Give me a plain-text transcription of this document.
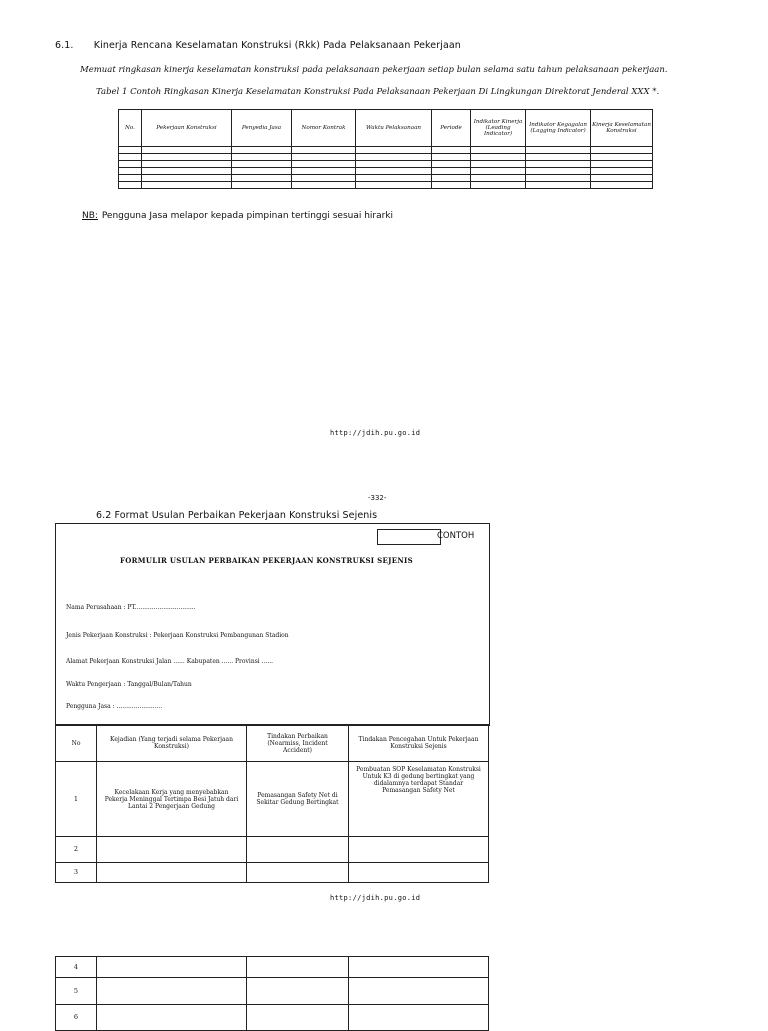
6.1. Kinerja Rencana Keselamatan Konstruksi (Rkk) Pada Pelaksanaan Pekerjaan
Memuat ringkasan kinerja keselamatan konstruksi pada pelaksanaan pekerjaan setiap bulan selama satu tahun pelaksanaan pekerjaan.
Tabel 1 Contoh Ringkasan Kinerja Keselamatan Konstruksi Pada Pelaksanaan Pekerjaan Di Lingkungan Direktorat Jenderal XXX *.
No.	Pekerjaan Konstruksi	Penyedia Jasa	Nomor Kontrak	Waktu Pelaksanaan	Periode	Indikator Kinerja (Leading Indicator)	Indikator Kegagalan (Lagging Indicator)	Kinerja Keselamatan Konstruksi

NB: Pengguna Jasa melapor kepada pimpinan tertinggi sesuai hirarki
http://jdih.pu.go.id
-332-
6.2 Format Usulan Perbaikan Pekerjaan Konstruksi Sejenis
CONTOH
FORMULIR USULAN PERBAIKAN PEKERJAAN KONSTRUKSI SEJENIS
Nama Perusahaan : PT................................
Jenis Pekerjaan Konstruksi : Pekerjaan Konstruksi Pembangunan Stadion
Alamat Pekerjaan Konstruksi Jalan ...... Kabupaten ...... Provinsi ......
Waktu Pengerjaan : Tanggal/Bulan/Tahun
Pengguna Jasa : ........................
No	Kejadian (Yang terjadi selama Pekerjaan Konstruksi)	Tindakan Perbaikan (Nearmiss, Incident Accident)	Tindakan Pencegahan Untuk Pekerjaan Konstruksi Sejenis
1	Kecelakaan Kerja yang menyebabkan Pekerja Meninggal Tertimpa Besi Jatuh dari Lantai 2 Pengerjaan Gedung	Pemasangan Safety Net di Sekitar Gedung Bertingkat	Pembuatan SOP Keselamatan Konstruksi Untuk K3 di gedung bertingkat yang didalamnya terdapat Standar Pemasangan Safety Net
2			
3			
http://jdih.pu.go.id
4			
5			
6			
